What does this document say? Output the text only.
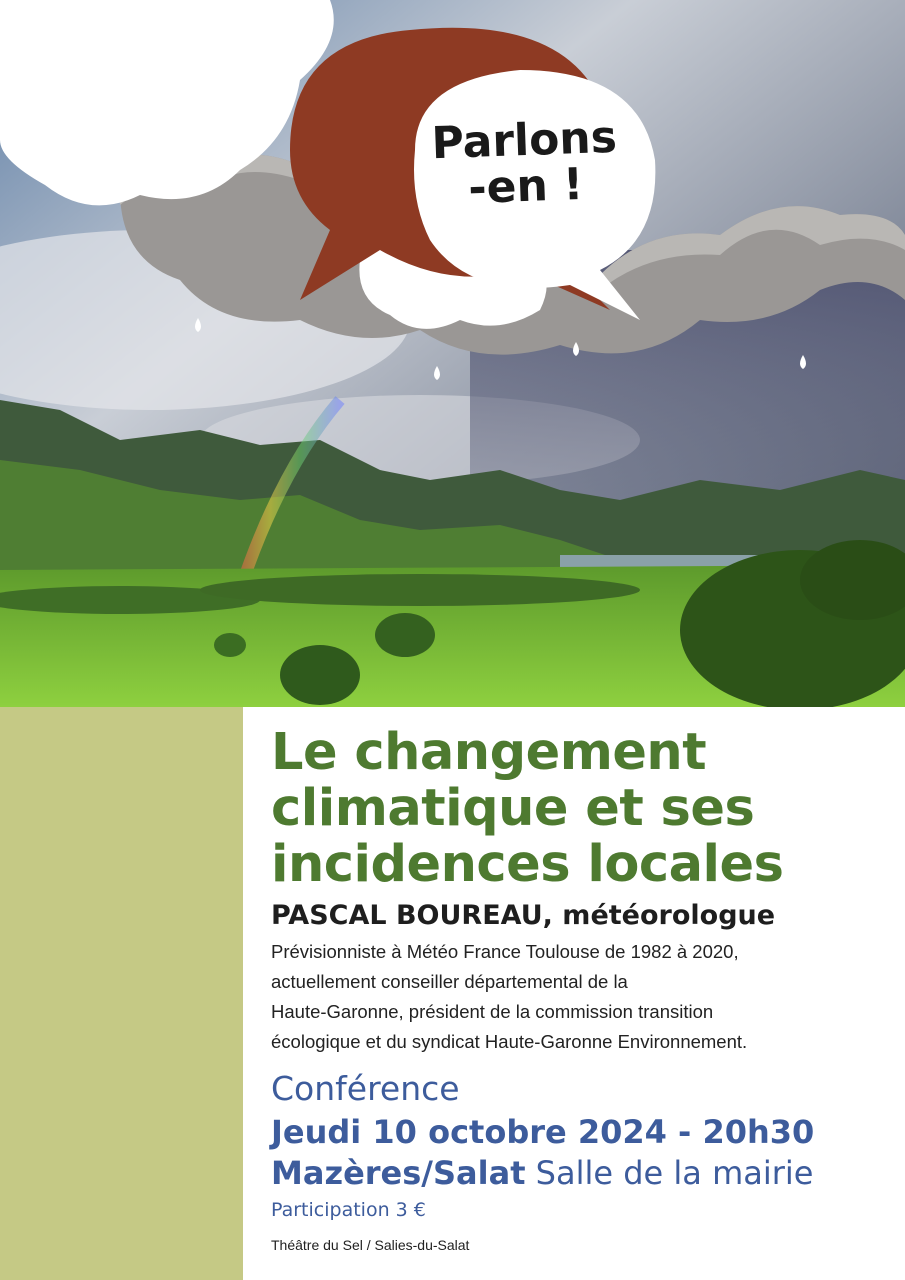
Parlons
-en !
Le changement
climatique et ses
incidences locales
PASCAL BOUREAU, météorologue
Prévisionniste à Météo France Toulouse de 1982 à 2020,
actuellement conseiller départemental de la
Haute-Garonne, président de la commission transition
écologique et du syndicat Haute-Garonne Environnement.
Conférence
Jeudi 10 octobre 2024 - 20h30
Mazères/Salat Salle de la mairie
Participation 3 €
Théâtre du Sel / Salies-du-Salat
